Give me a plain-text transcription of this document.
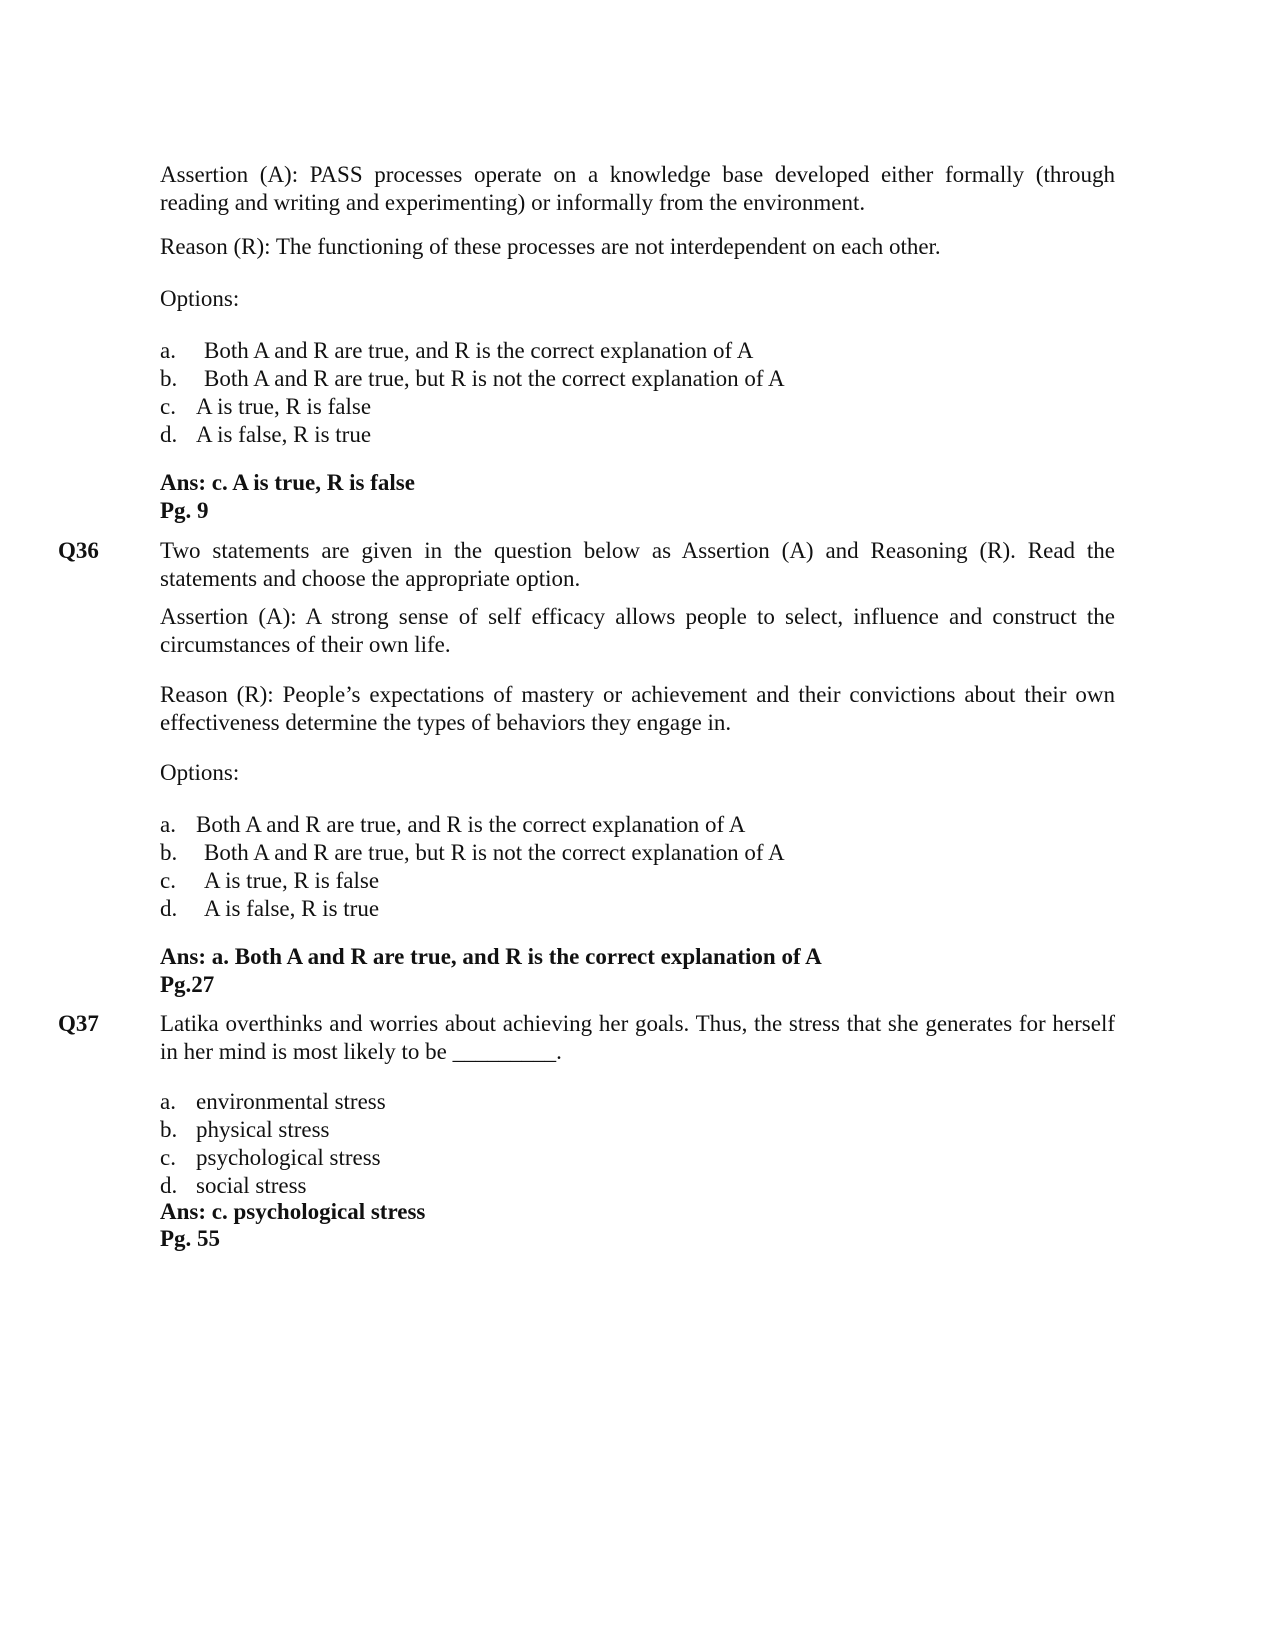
Assertion (A): PASS processes operate on a knowledge base developed either formally (through reading and writing and experimenting) or informally from the environment.

Reason (R): The functioning of these processes are not interdependent on each other.

Options:

a.	Both A and R are true, and R is the correct explanation of A
b.	Both A and R are true, but R is not the correct explanation of A
c. A is true, R is false
d. A is false, R is true

Ans: c. A is true, R is false

Pg. 9

Q36	Two statements are given in the question below as Assertion (A) and Reasoning (R). Read the statements and choose the appropriate option.

Assertion (A): A strong sense of self efficacy allows people to select, influence and construct the circumstances of their own life.

Reason (R): People’s expectations of mastery or achievement and their convictions about their own effectiveness determine the types of behaviors they engage in.

Options:

a. Both A and R are true, and R is the correct explanation of A
b.	Both A and R are true, but R is not the correct explanation of A
c.	A is true, R is false
d.	A is false, R is true

Ans: a. Both A and R are true, and R is the correct explanation of A

Pg.27

Q37	Latika overthinks and worries about achieving her goals. Thus, the stress that she generates for herself in her mind is most likely to be _________.

a. environmental stress
b. physical stress
c. psychological stress
d. social stress

Ans: c. psychological stress

Pg. 55
